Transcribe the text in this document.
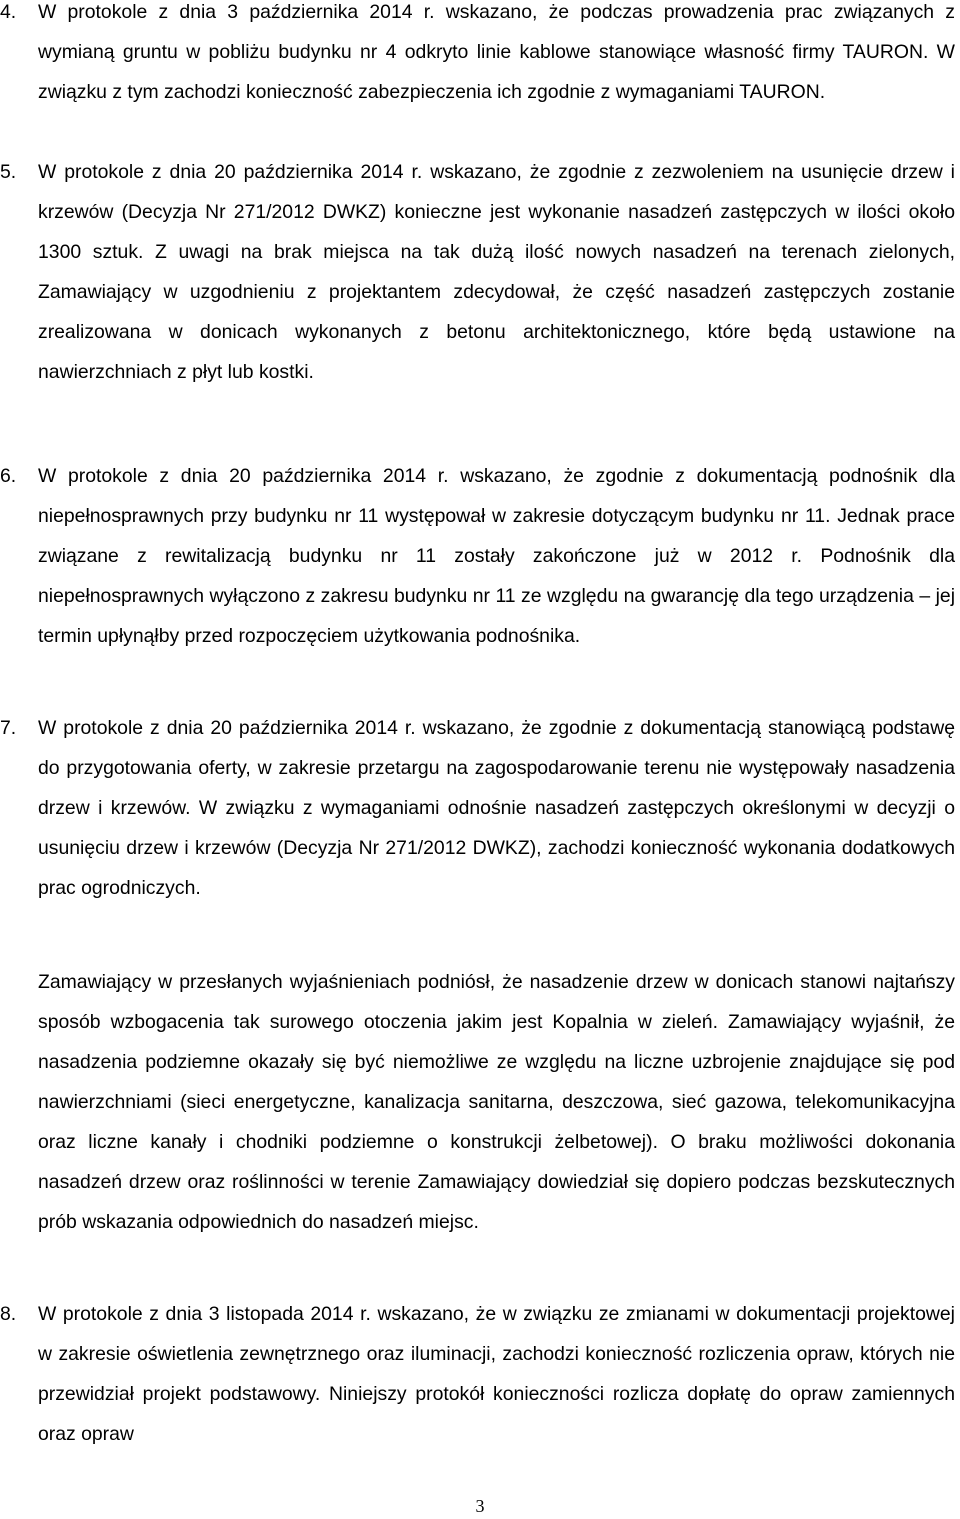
4.	W protokole z dnia 3 października 2014 r. wskazano, że podczas prowadzenia prac związanych z wymianą gruntu w pobliżu budynku nr 4 odkryto linie kablowe stanowiące własność firmy TAURON. W związku z tym zachodzi konieczność zabezpieczenia ich zgodnie z wymaganiami TAURON.
5.	W protokole z dnia 20 października 2014 r. wskazano, że zgodnie z zezwoleniem na usunięcie drzew i krzewów (Decyzja Nr 271/2012 DWKZ) konieczne jest wykonanie nasadzeń zastępczych w ilości około 1300 sztuk. Z uwagi na brak miejsca na tak dużą ilość nowych nasadzeń na terenach zielonych, Zamawiający w uzgodnieniu z projektantem zdecydował, że część nasadzeń zastępczych zostanie zrealizowana w donicach wykonanych z betonu architektonicznego, które będą ustawione na nawierzchniach z płyt lub kostki.
6.	W protokole z dnia 20 października 2014 r. wskazano, że zgodnie z dokumentacją podnośnik dla niepełnosprawnych przy budynku nr 11 występował w zakresie dotyczącym budynku nr 11. Jednak prace związane z rewitalizacją budynku nr 11 zostały zakończone już w 2012 r. Podnośnik dla niepełnosprawnych wyłączono z zakresu budynku nr 11 ze względu na gwarancję dla tego urządzenia – jej termin upłynąłby przed rozpoczęciem użytkowania podnośnika.
7.	W protokole z dnia 20 października 2014 r. wskazano, że zgodnie z dokumentacją stanowiącą podstawę do przygotowania oferty, w zakresie przetargu na zagospodarowanie terenu nie występowały nasadzenia drzew i krzewów. W związku z wymaganiami odnośnie nasadzeń zastępczych określonymi w decyzji o usunięciu drzew i krzewów (Decyzja Nr 271/2012 DWKZ), zachodzi konieczność wykonania dodatkowych prac ogrodniczych.
Zamawiający w przesłanych wyjaśnieniach podniósł, że nasadzenie drzew w donicach stanowi najtańszy sposób wzbogacenia tak surowego otoczenia jakim jest Kopalnia w zieleń. Zamawiający wyjaśnił, że nasadzenia podziemne okazały się być niemożliwe ze względu na liczne uzbrojenie znajdujące się pod nawierzchniami (sieci energetyczne, kanalizacja sanitarna, deszczowa, sieć gazowa, telekomunikacyjna oraz liczne kanały i chodniki podziemne o konstrukcji żelbetowej). O braku możliwości dokonania nasadzeń drzew oraz roślinności w terenie Zamawiający dowiedział się dopiero podczas bezskutecznych prób wskazania odpowiednich do nasadzeń miejsc.
8.	W protokole z dnia 3 listopada 2014 r. wskazano, że w związku ze zmianami w dokumentacji projektowej w zakresie oświetlenia zewnętrznego oraz iluminacji, zachodzi konieczność rozliczenia opraw, których nie przewidział projekt podstawowy. Niniejszy protokół konieczności rozlicza dopłatę do opraw zamiennych oraz opraw
3
